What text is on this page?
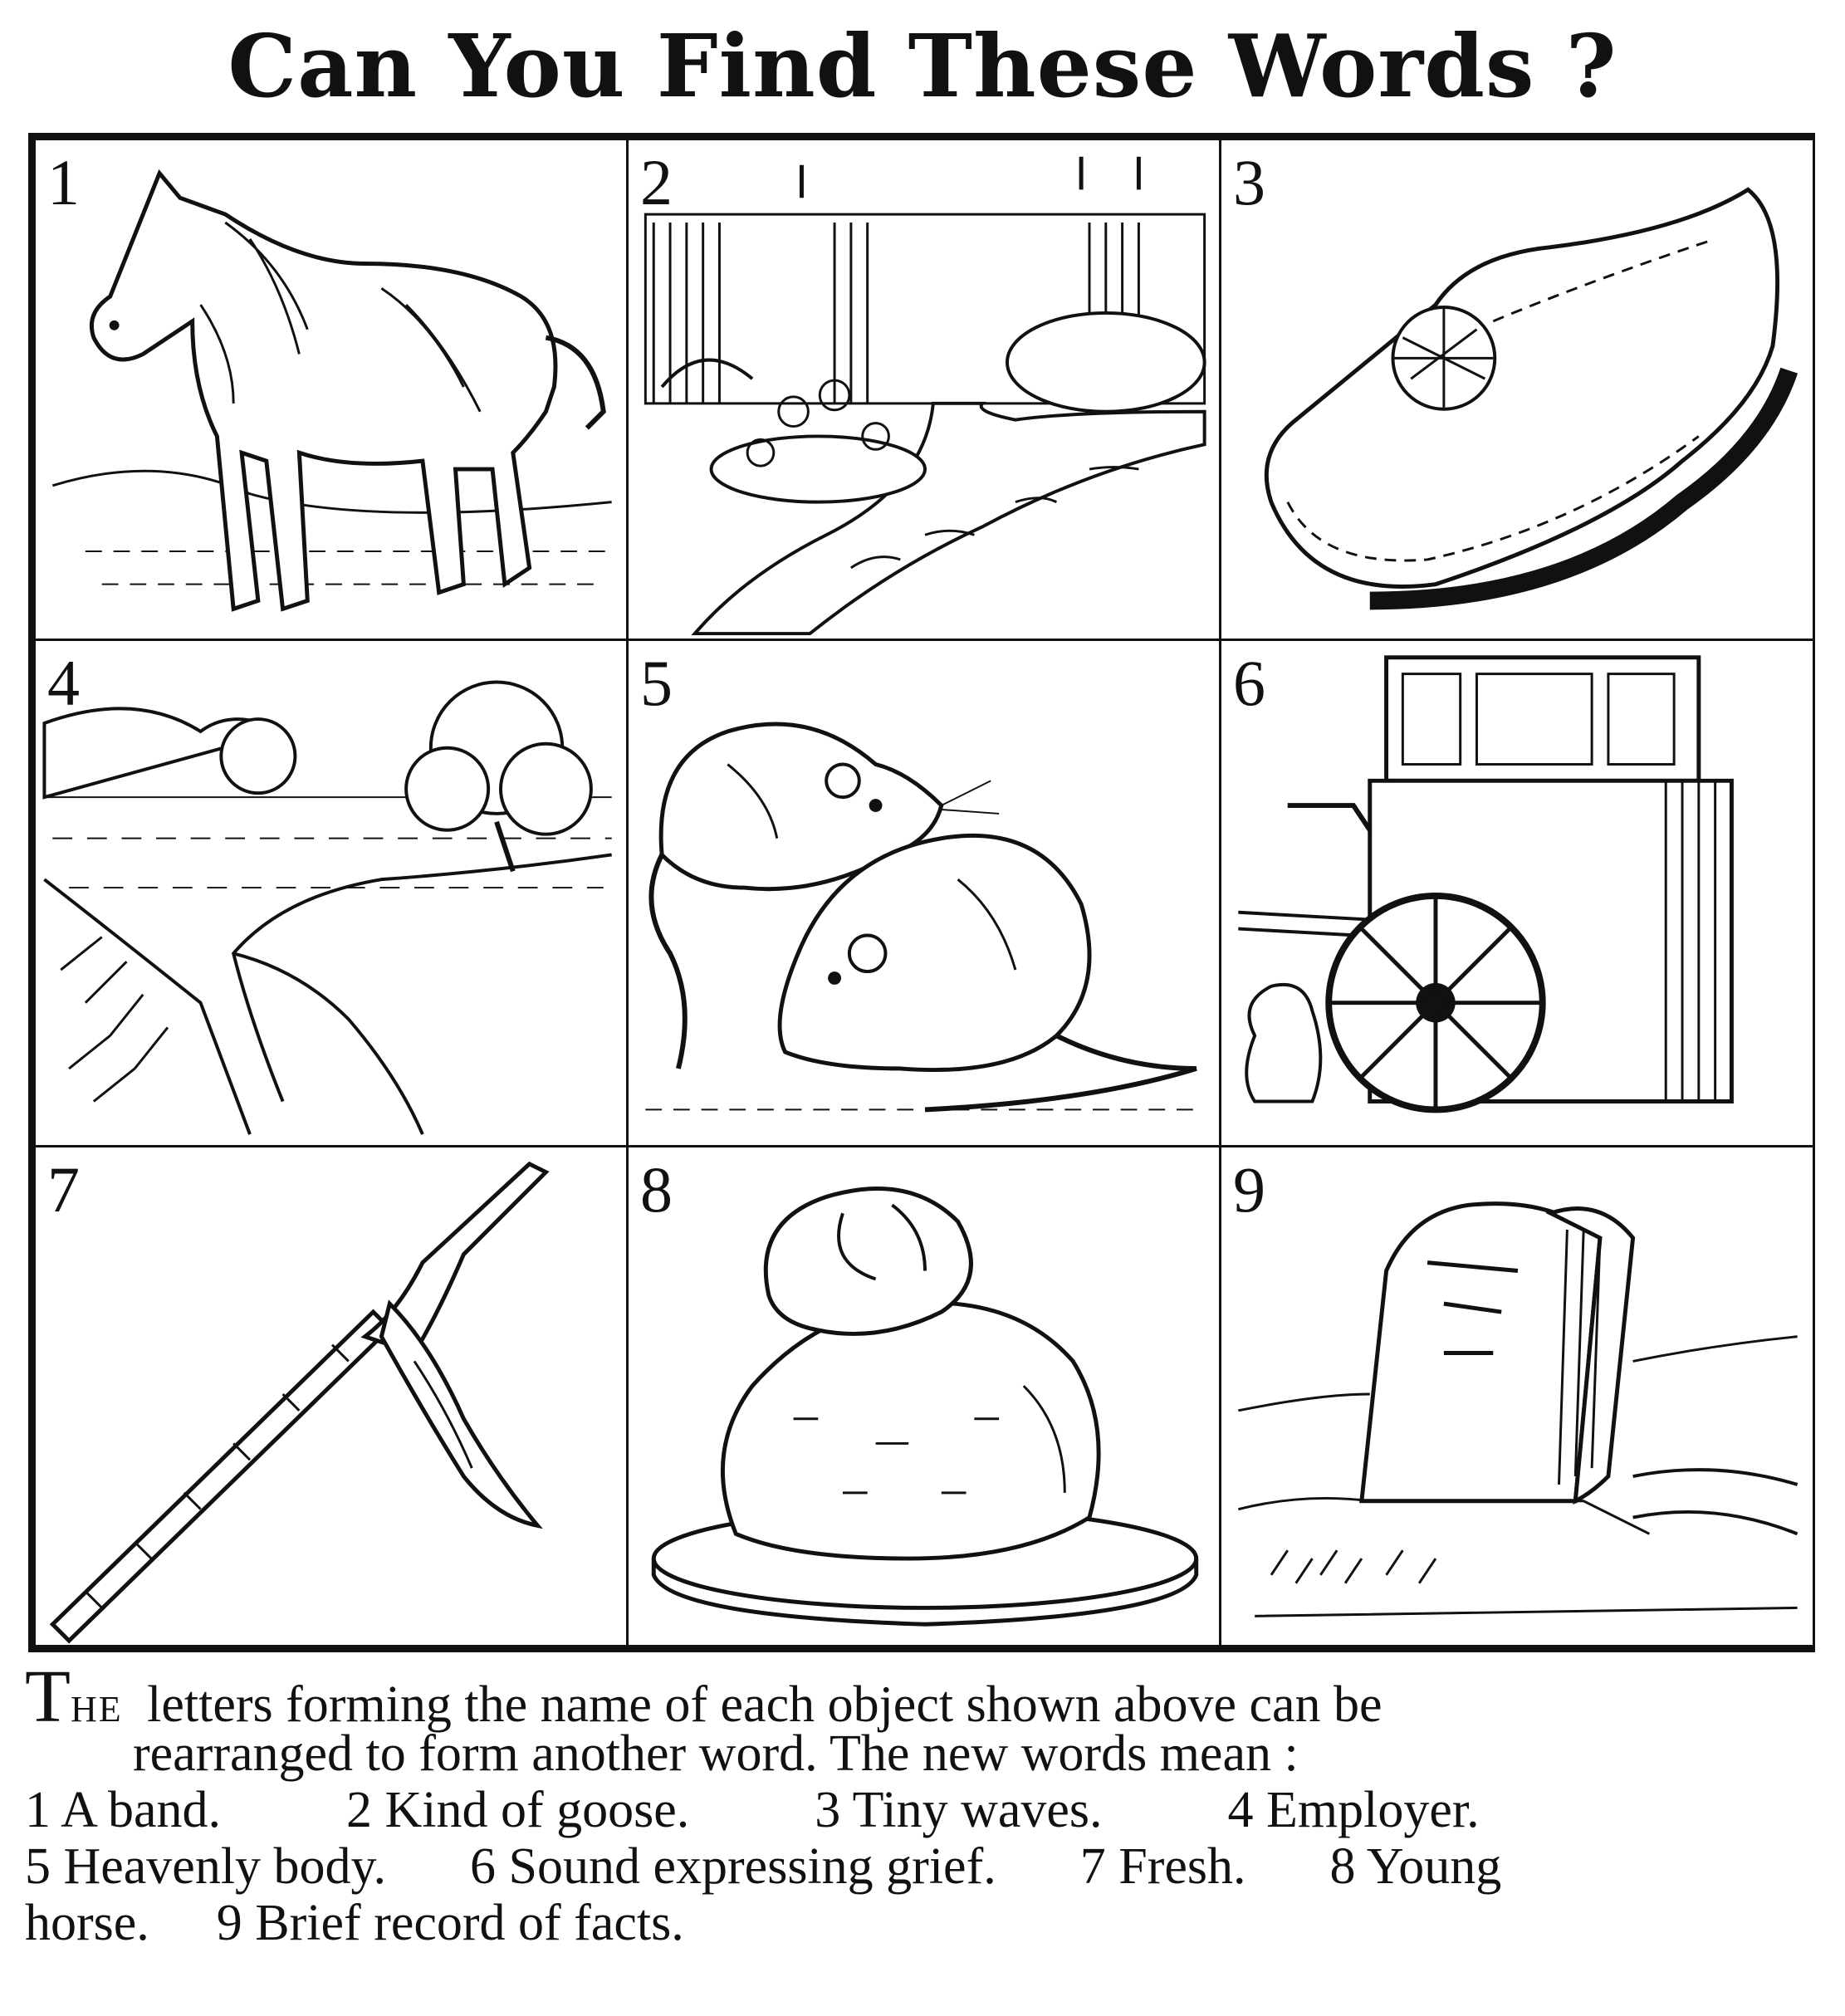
Can You Find These Words ?
1	2	3
4	5	6
7	8	9
THE letters forming the name of each object shown above can be
rearranged to form another word. The new words mean :
1 A band. 2 Kind of goose. 3 Tiny waves. 4 Employer.
5 Heavenly body. 6 Sound expressing grief. 7 Fresh. 8 Young
horse. 9 Brief record of facts.
